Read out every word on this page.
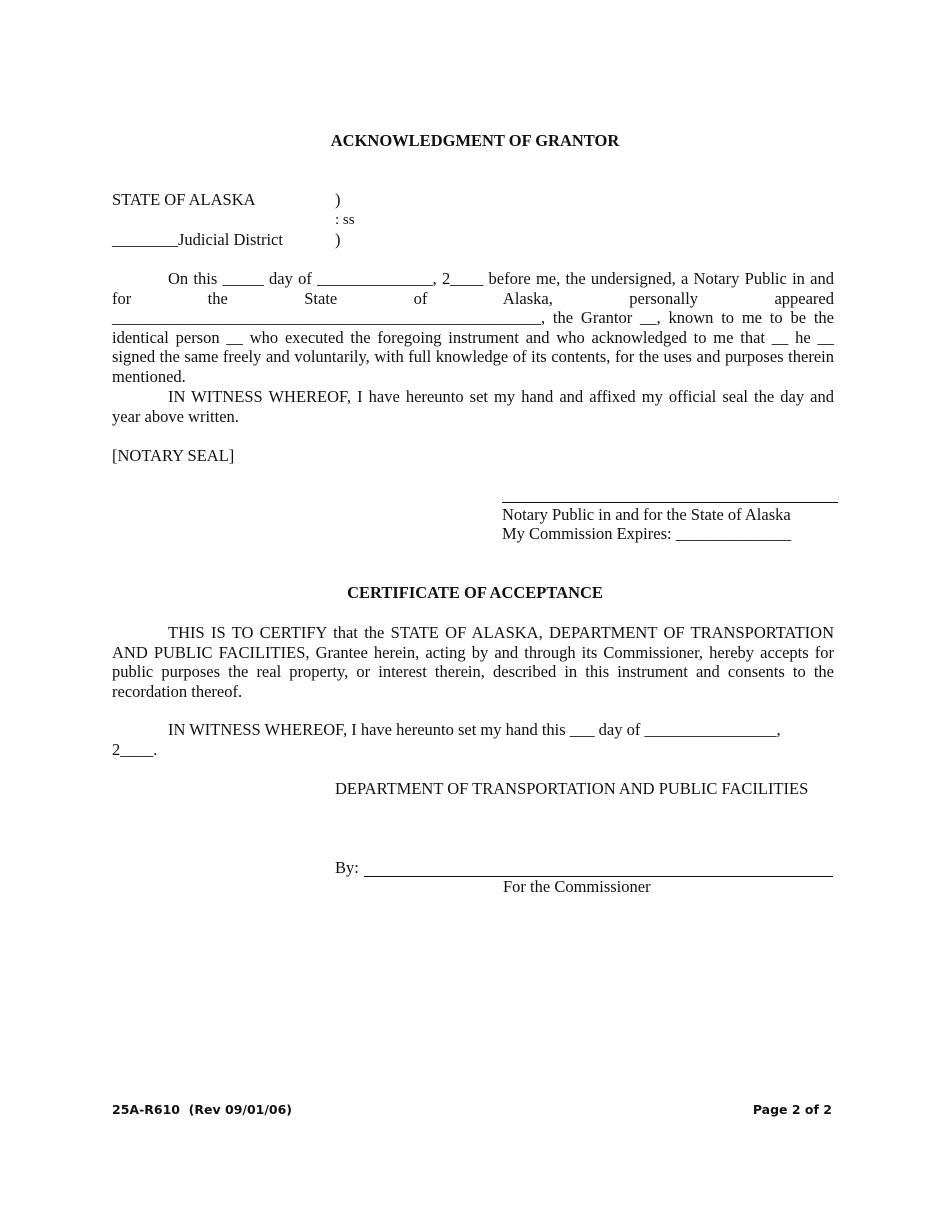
ACKNOWLEDGMENT OF GRANTOR
STATE OF ALASKA	)
: ss
________Judicial District	)
On this _____ day of ______________, 2____ before me, the undersigned, a Notary Public in and for the State of Alaska, personally appeared ____________________________________________________, the Grantor __, known to me to be the identical person __ who executed the foregoing instrument and who acknowledged to me that __ he __ signed the same freely and voluntarily, with full knowledge of its contents, for the uses and purposes therein mentioned.
IN WITNESS WHEREOF, I have hereunto set my hand and affixed my official seal the day and year above written.
[NOTARY SEAL]
Notary Public in and for the State of Alaska
My Commission Expires: ______________
CERTIFICATE OF ACCEPTANCE
THIS IS TO CERTIFY that the STATE OF ALASKA, DEPARTMENT OF TRANSPORTATION AND PUBLIC FACILITIES, Grantee herein, acting by and through its Commissioner, hereby accepts for public purposes the real property, or interest therein, described in this instrument and consents to the recordation thereof.
IN WITNESS WHEREOF, I have hereunto set my hand this ___ day of ________________,
2____.
DEPARTMENT OF TRANSPORTATION AND PUBLIC FACILITIES
By:
For the Commissioner
25A-R610  (Rev 09/01/06)	Page 2 of 2
